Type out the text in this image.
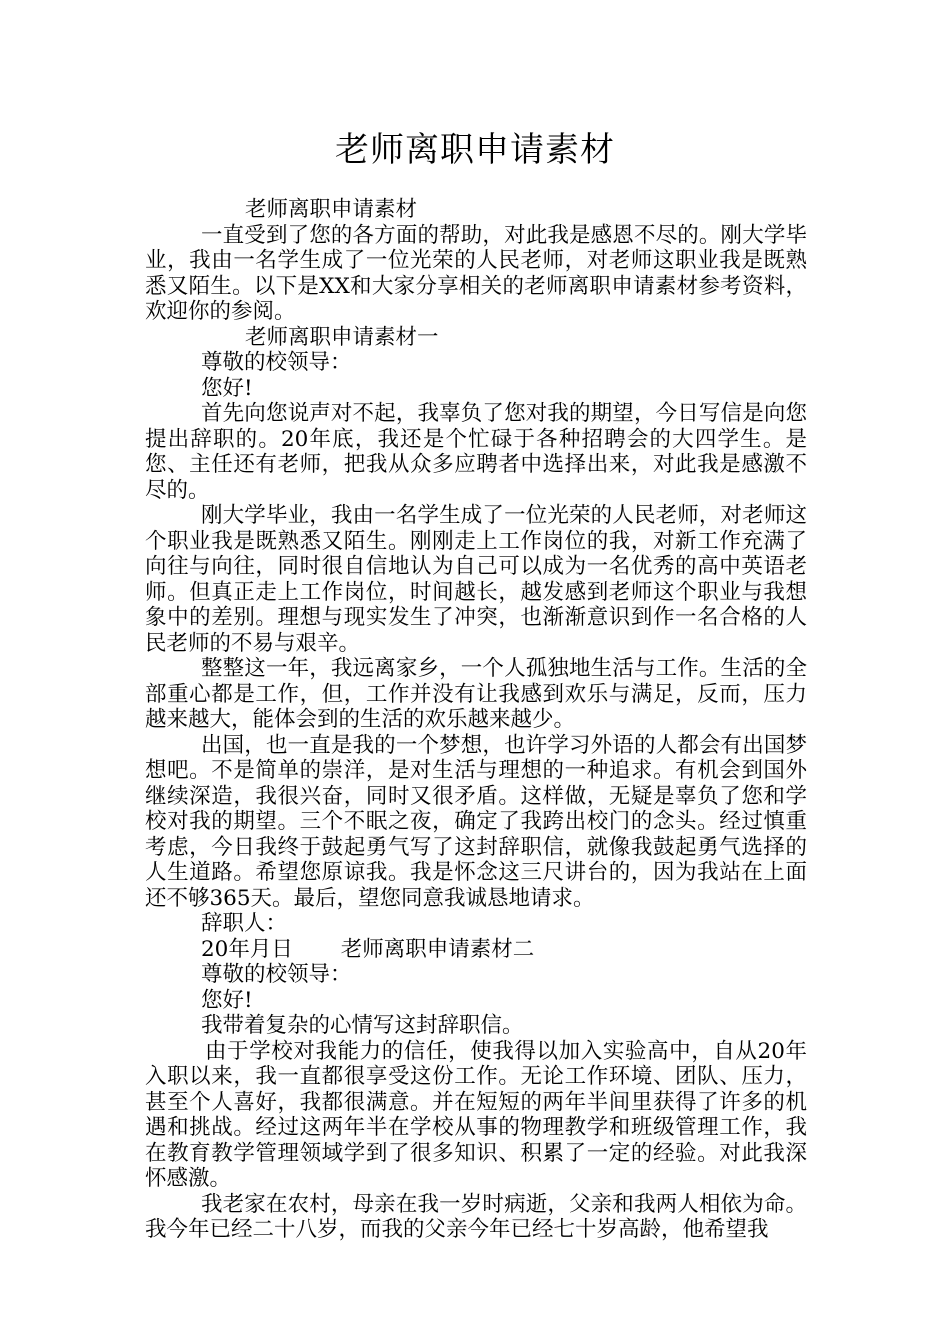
老师离职申请素材

老师离职申请素材

一直受到了您的各方面的帮助，对此我是感恩不尽的。刚大学毕业，我由一名学生成了一位光荣的人民老师，对老师这职业我是既熟悉又陌生。以下是XX和大家分享相关的老师离职申请素材参考资料，欢迎你的参阅。

老师离职申请素材一

尊敬的校领导：

您好!

首先向您说声对不起，我辜负了您对我的期望，今日写信是向您提出辞职的。20年底，我还是个忙碌于各种招聘会的大四学生。是您、主任还有老师，把我从众多应聘者中选择出来，对此我是感激不尽的。

刚大学毕业，我由一名学生成了一位光荣的人民老师，对老师这个职业我是既熟悉又陌生。刚刚走上工作岗位的我，对新工作充满了向往与向往，同时很自信地认为自己可以成为一名优秀的高中英语老师。但真正走上工作岗位，时间越长，越发感到老师这个职业与我想象中的差别。理想与现实发生了冲突，也渐渐意识到作一名合格的人民老师的不易与艰辛。

整整这一年，我远离家乡，一个人孤独地生活与工作。生活的全部重心都是工作，但，工作并没有让我感到欢乐与满足，反而，压力越来越大，能体会到的生活的欢乐越来越少。

出国，也一直是我的一个梦想，也许学习外语的人都会有出国梦想吧。不是简单的崇洋，是对生活与理想的一种追求。有机会到国外继续深造，我很兴奋，同时又很矛盾。这样做，无疑是辜负了您和学校对我的期望。三个不眠之夜，确定了我跨出校门的念头。经过慎重考虑，今日我终于鼓起勇气写了这封辞职信，就像我鼓起勇气选择的人生道路。希望您原谅我。我是怀念这三尺讲台的，因为我站在上面还不够365天。最后，望您同意我诚恳地请求。

辞职人：

20年月日       老师离职申请素材二

尊敬的校领导：

您好!

我带着复杂的心情写这封辞职信。

由于学校对我能力的信任，使我得以加入实验高中，自从20年入职以来，我一直都很享受这份工作。无论工作环境、团队、压力，甚至个人喜好，我都很满意。并在短短的两年半间里获得了许多的机遇和挑战。经过这两年半在学校从事的物理教学和班级管理工作，我在教育教学管理领域学到了很多知识、积累了一定的经验。对此我深怀感激。

我老家在农村，母亲在我一岁时病逝，父亲和我两人相依为命。我今年已经二十八岁，而我的父亲今年已经七十岁高龄，他希望我
